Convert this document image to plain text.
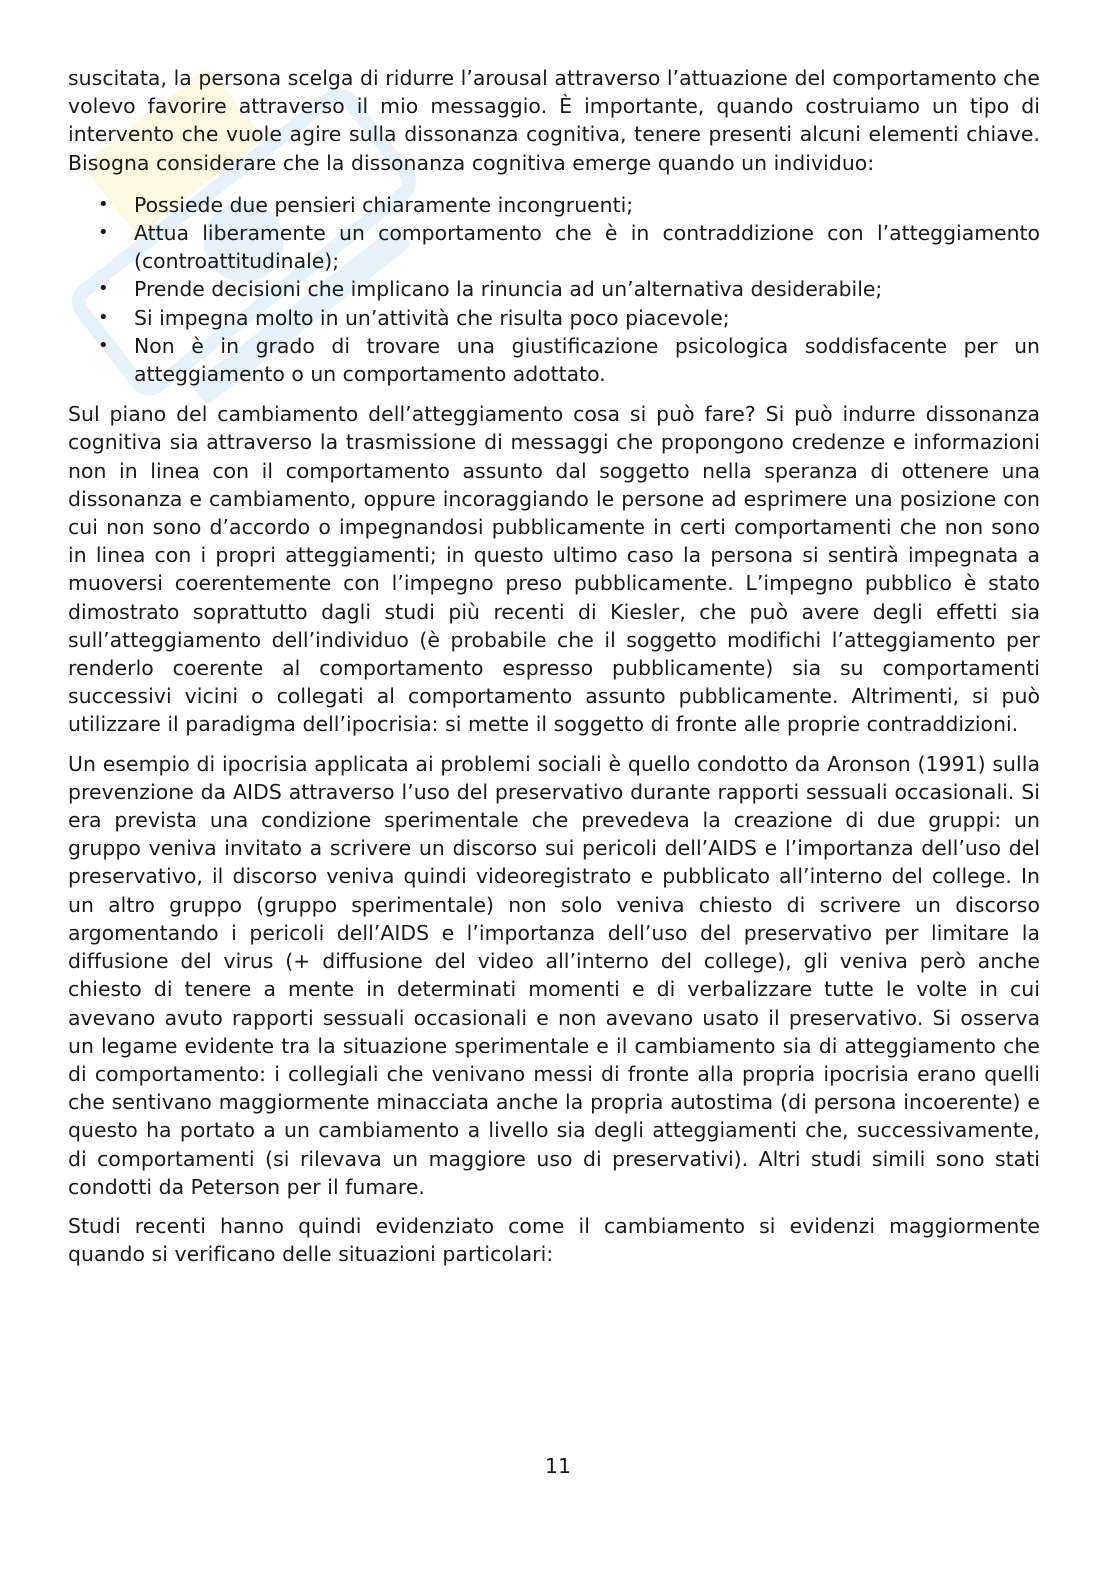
suscitata, la persona scelga di ridurre l’arousal attraverso l’attuazione del comportamento che volevo favorire attraverso il mio messaggio. È importante, quando costruiamo un tipo di intervento che vuole agire sulla dissonanza cognitiva, tenere presenti alcuni elementi chiave. Bisogna considerare che la dissonanza cognitiva emerge quando un individuo:

• Possiede due pensieri chiaramente incongruenti;
• Attua liberamente un comportamento che è in contraddizione con l’atteggiamento (controattitudinale);
• Prende decisioni che implicano la rinuncia ad un’alternativa desiderabile;
• Si impegna molto in un’attività che risulta poco piacevole;
• Non è in grado di trovare una giustificazione psicologica soddisfacente per un atteggiamento o un comportamento adottato.

Sul piano del cambiamento dell’atteggiamento cosa si può fare? Si può indurre dissonanza cognitiva sia attraverso la trasmissione di messaggi che propongono credenze e informazioni non in linea con il comportamento assunto dal soggetto nella speranza di ottenere una dissonanza e cambiamento, oppure incoraggiando le persone ad esprimere una posizione con cui non sono d’accordo o impegnandosi pubblicamente in certi comportamenti che non sono in linea con i propri atteggiamenti; in questo ultimo caso la persona si sentirà impegnata a muoversi coerentemente con l’impegno preso pubblicamente. L’impegno pubblico è stato dimostrato soprattutto dagli studi più recenti di Kiesler, che può avere degli effetti sia sull’atteggiamento dell’individuo (è probabile che il soggetto modifichi l’atteggiamento per renderlo coerente al comportamento espresso pubblicamente) sia su comportamenti successivi vicini o collegati al comportamento assunto pubblicamente. Altrimenti, si può utilizzare il paradigma dell’ipocrisia: si mette il soggetto di fronte alle proprie contraddizioni.

Un esempio di ipocrisia applicata ai problemi sociali è quello condotto da Aronson (1991) sulla prevenzione da AIDS attraverso l’uso del preservativo durante rapporti sessuali occasionali. Si era prevista una condizione sperimentale che prevedeva la creazione di due gruppi: un gruppo veniva invitato a scrivere un discorso sui pericoli dell’AIDS e l’importanza dell’uso del preservativo, il discorso veniva quindi videoregistrato e pubblicato all’interno del college. In un altro gruppo (gruppo sperimentale) non solo veniva chiesto di scrivere un discorso argomentando i pericoli dell’AIDS e l’importanza dell’uso del preservativo per limitare la diffusione del virus (+ diffusione del video all’interno del college), gli veniva però anche chiesto di tenere a mente in determinati momenti e di verbalizzare tutte le volte in cui avevano avuto rapporti sessuali occasionali e non avevano usato il preservativo. Si osserva un legame evidente tra la situazione sperimentale e il cambiamento sia di atteggiamento che di comportamento: i collegiali che venivano messi di fronte alla propria ipocrisia erano quelli che sentivano maggiormente minacciata anche la propria autostima (di persona incoerente) e questo ha portato a un cambiamento a livello sia degli atteggiamenti che, successivamente, di comportamenti (si rilevava un maggiore uso di preservativi). Altri studi simili sono stati condotti da Peterson per il fumare.

Studi recenti hanno quindi evidenziato come il cambiamento si evidenzi maggiormente quando si verificano delle situazioni particolari:

11
